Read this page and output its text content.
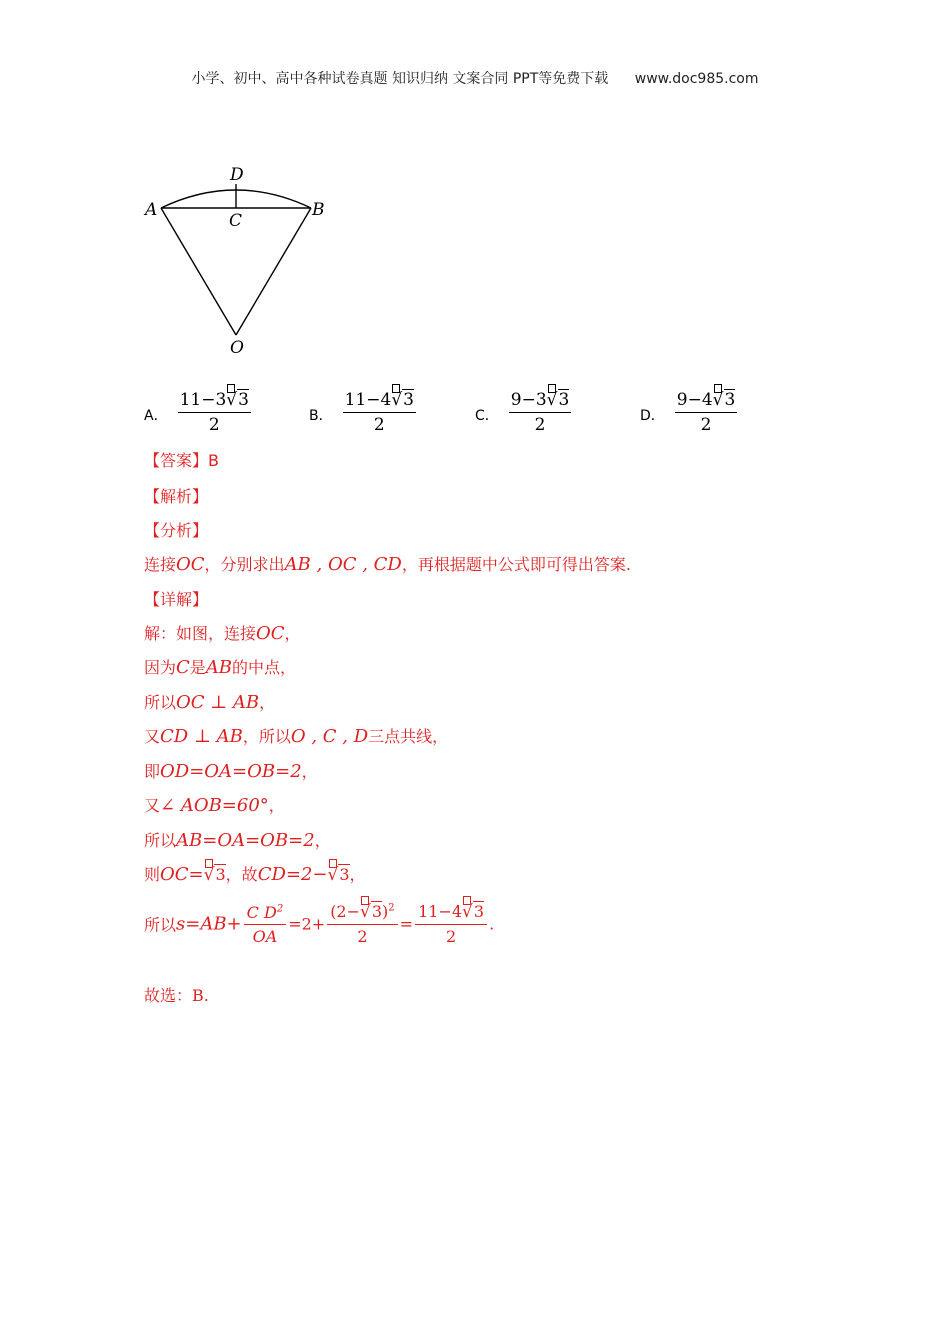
小学、初中、高中各种试卷真题 知识归纳 文案合同 PPT等免费下载 www.doc985.com
D
A
C
B
O
A． 11−3
√3
2	B． 11−4
√3
2	C． 9−3
√3
2	D． 9−4
√3
2
【答案】B
【解析】
【分析】
连接OC，分别求出AB , OC , CD，再根据题中公式即可得出答案.
【详解】
解：如图，连接OC，
因为C是AB的中点，
所以OC ⊥ AB，
又CD ⊥ AB，所以O , C , D三点共线，
即OD=OA=OB=2，
又∠ AOB=60°，
所以AB=OA=OB=2，
则OC=
√3，故CD=2−
√3，
所以$s=AB+ \frac{C D^2}{OA} =2+ (2-$
√3)$^2$
2 = 11−4
√3
2 .
故选：B.
